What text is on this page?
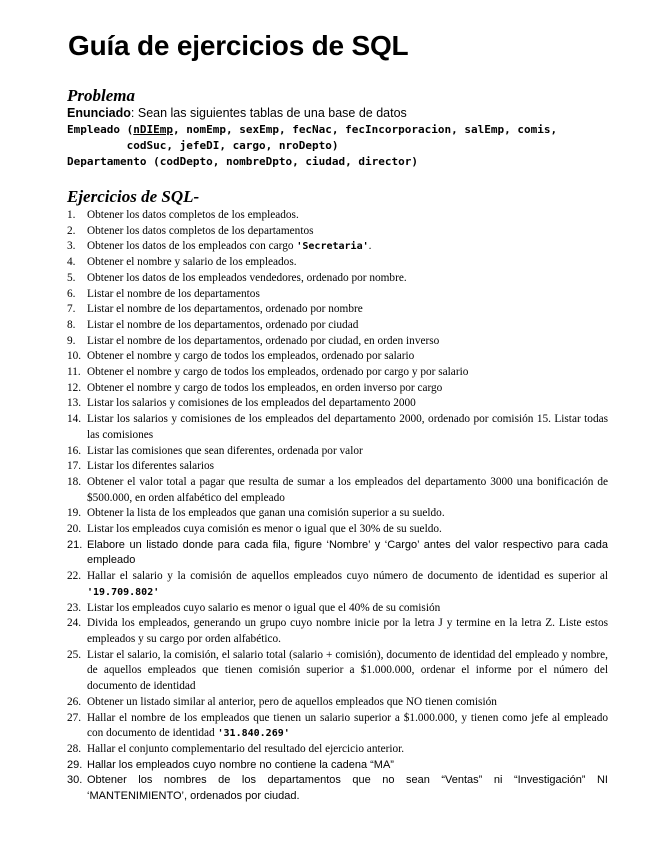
Guía de ejercicios de SQL
Problema
Enunciado: Sean las siguientes tablas de una base de datos
Empleado (nDIEmp, nomEmp, sexEmp, fecNac, fecIncorporacion, salEmp, comis,
codSuc, jefeDI, cargo, nroDepto)
Departamento (codDepto, nombreDpto, ciudad, director)
Ejercicios de SQL-
1.	Obtener los datos completos de los empleados.
2.	Obtener los datos completos de los departamentos
3.	Obtener los datos de los empleados con cargo 'Secretaria'.
4.	Obtener el nombre y salario de los empleados.
5.	Obtener los datos de los empleados vendedores, ordenado por nombre.
6.	Listar el nombre de los departamentos
7.	Listar el nombre de los departamentos, ordenado por nombre
8.	Listar el nombre de los departamentos, ordenado por ciudad
9.	Listar el nombre de los departamentos, ordenado por ciudad, en orden inverso
10. Obtener el nombre y cargo de todos los empleados, ordenado por salario
11. Obtener el nombre y cargo de todos los empleados, ordenado por cargo y por salario
12. Obtener el nombre y cargo de todos los empleados, en orden inverso por cargo
13. Listar los salarios y comisiones de los empleados del departamento 2000
14. Listar los salarios y comisiones de los empleados del departamento 2000, ordenado por comisión 15. Listar todas las comisiones
16. Listar las comisiones que sean diferentes, ordenada por valor
17. Listar los diferentes salarios
18. Obtener el valor total a pagar que resulta de sumar a los empleados del departamento 3000 una bonificación de $500.000, en orden alfabético del empleado
19. Obtener la lista de los empleados que ganan una comisión superior a su sueldo.
20. Listar los empleados cuya comisión es menor o igual que el 30% de su sueldo.
21. Elabore un listado donde para cada fila, figure ‘Nombre’ y ‘Cargo’ antes del valor respectivo para cada empleado
22. Hallar el salario y la comisión de aquellos empleados cuyo número de documento de identidad es superior al '19.709.802'
23. Listar los empleados cuyo salario es menor o igual que el 40% de su comisión
24. Divida los empleados, generando un grupo cuyo nombre inicie por la letra J y termine en la letra Z. Liste estos empleados y su cargo por orden alfabético.
25. Listar el salario, la comisión, el salario total (salario + comisión), documento de identidad del empleado y nombre, de aquellos empleados que tienen comisión superior a $1.000.000, ordenar el informe por el número del documento de identidad
26. Obtener un listado similar al anterior, pero de aquellos empleados que NO tienen comisión
27. Hallar el nombre de los empleados que tienen un salario superior a $1.000.000, y tienen como jefe al empleado con documento de identidad '31.840.269'
28. Hallar el conjunto complementario del resultado del ejercicio anterior.
29. Hallar los empleados cuyo nombre no contiene la cadena “MA”
30. Obtener los nombres de los departamentos que no sean “Ventas” ni “Investigación” NI ‘MANTENIMIENTO’, ordenados por ciudad.
